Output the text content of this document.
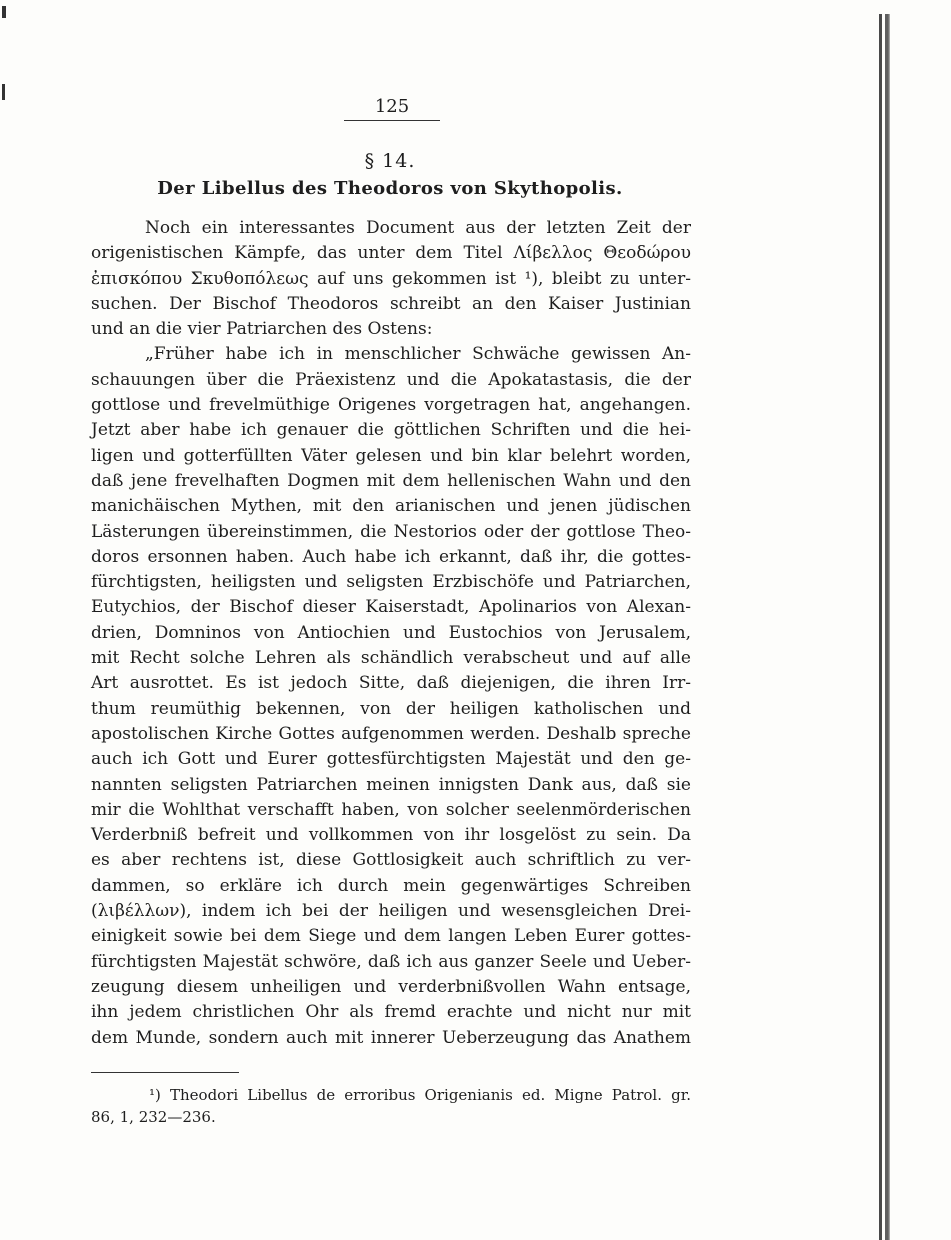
125
§ 14.
Der Libellus des Theodoros von Skythopolis.
Noch ein interessantes Document aus der letzten Zeit der
origenistischen Kämpfe, das unter dem Titel Λίβελλος Θεοδώρου
ἐπισκόπου Σκυθοπόλεως auf uns gekommen ist ¹), bleibt zu unter-
suchen. Der Bischof Theodoros schreibt an den Kaiser Justinian
und an die vier Patriarchen des Ostens:
„Früher habe ich in menschlicher Schwäche gewissen An-
schauungen über die Präexistenz und die Apokatastasis, die der
gottlose und frevelmüthige Origenes vorgetragen hat, angehangen.
Jetzt aber habe ich genauer die göttlichen Schriften und die hei-
ligen und gotterfüllten Väter gelesen und bin klar belehrt worden,
daß jene frevelhaften Dogmen mit dem hellenischen Wahn und den
manichäischen Mythen, mit den arianischen und jenen jüdischen
Lästerungen übereinstimmen, die Nestorios oder der gottlose Theo-
doros ersonnen haben. Auch habe ich erkannt, daß ihr, die gottes-
fürchtigsten, heiligsten und seligsten Erzbischöfe und Patriarchen,
Eutychios, der Bischof dieser Kaiserstadt, Apolinarios von Alexan-
drien, Domninos von Antiochien und Eustochios von Jerusalem,
mit Recht solche Lehren als schändlich verabscheut und auf alle
Art ausrottet. Es ist jedoch Sitte, daß diejenigen, die ihren Irr-
thum reumüthig bekennen, von der heiligen katholischen und
apostolischen Kirche Gottes aufgenommen werden. Deshalb spreche
auch ich Gott und Eurer gottesfürchtigsten Majestät und den ge-
nannten seligsten Patriarchen meinen innigsten Dank aus, daß sie
mir die Wohlthat verschafft haben, von solcher seelenmörderischen
Verderbniß befreit und vollkommen von ihr losgelöst zu sein. Da
es aber rechtens ist, diese Gottlosigkeit auch schriftlich zu ver-
dammen, so erkläre ich durch mein gegenwärtiges Schreiben
(λιβέλλων), indem ich bei der heiligen und wesensgleichen Drei-
einigkeit sowie bei dem Siege und dem langen Leben Eurer gottes-
fürchtigsten Majestät schwöre, daß ich aus ganzer Seele und Ueber-
zeugung diesem unheiligen und verderbnißvollen Wahn entsage,
ihn jedem christlichen Ohr als fremd erachte und nicht nur mit
dem Munde, sondern auch mit innerer Ueberzeugung das Anathem
¹) Theodori Libellus de erroribus Origenianis ed. Migne Patrol. gr.
86, 1, 232—236.
